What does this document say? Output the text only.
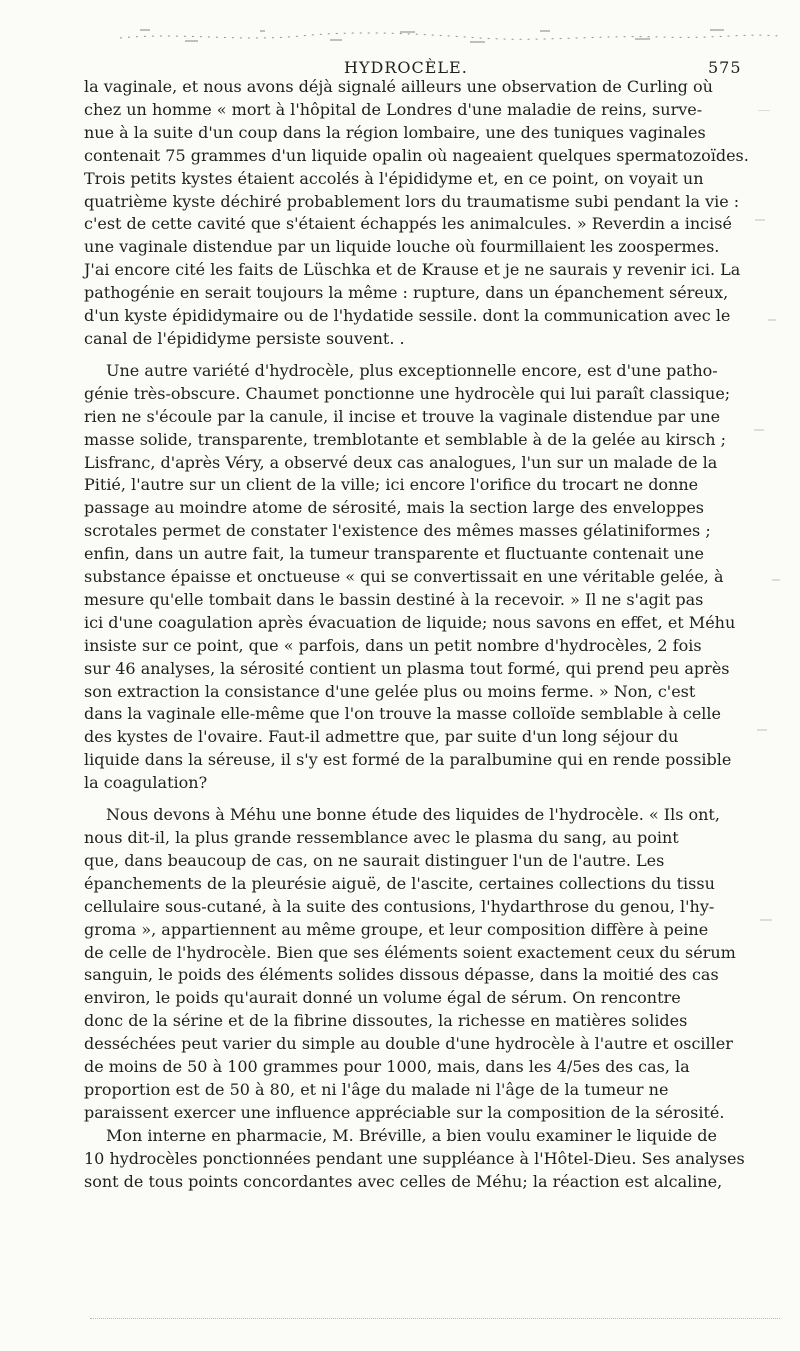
HYDROCÈLE.	575

la vaginale, et nous avons déjà signalé ailleurs une observation de Curling où
chez un homme « mort à l'hôpital de Londres d'une maladie de reins, surve-
nue à la suite d'un coup dans la région lombaire, une des tuniques vaginales
contenait 75 grammes d'un liquide opalin où nageaient quelques spermatozoïdes.
Trois petits kystes étaient accolés à l'épididyme et, en ce point, on voyait un
quatrième kyste déchiré probablement lors du traumatisme subi pendant la vie :
c'est de cette cavité que s'étaient échappés les animalcules. » Reverdin a incisé
une vaginale distendue par un liquide louche où fourmillaient les zoospermes.
J'ai encore cité les faits de Lüschka et de Krause et je ne saurais y revenir ici. La
pathogénie en serait toujours la même : rupture, dans un épanchement séreux,
d'un kyste épididymaire ou de l'hydatide sessile. dont la communication avec le
canal de l'épididyme persiste souvent. .

Une autre variété d'hydrocèle, plus exceptionnelle encore, est d'une patho-
génie très-obscure. Chaumet ponctionne une hydrocèle qui lui paraît classique;
rien ne s'écoule par la canule, il incise et trouve la vaginale distendue par une
masse solide, transparente, tremblotante et semblable à de la gelée au kirsch ;
Lisfranc, d'après Véry, a observé deux cas analogues, l'un sur un malade de la
Pitié, l'autre sur un client de la ville; ici encore l'orifice du trocart ne donne
passage au moindre atome de sérosité, mais la section large des enveloppes
scrotales permet de constater l'existence des mêmes masses gélatiniformes ;
enfin, dans un autre fait, la tumeur transparente et fluctuante contenait une
substance épaisse et onctueuse « qui se convertissait en une véritable gelée, à
mesure qu'elle tombait dans le bassin destiné à la recevoir. » Il ne s'agit pas
ici d'une coagulation après évacuation de liquide; nous savons en effet, et Méhu
insiste sur ce point, que « parfois, dans un petit nombre d'hydrocèles, 2 fois
sur 46 analyses, la sérosité contient un plasma tout formé, qui prend peu après
son extraction la consistance d'une gelée plus ou moins ferme. » Non, c'est
dans la vaginale elle-même que l'on trouve la masse colloïde semblable à celle
des kystes de l'ovaire. Faut-il admettre que, par suite d'un long séjour du
liquide dans la séreuse, il s'y est formé de la paralbumine qui en rende possible
la coagulation?

Nous devons à Méhu une bonne étude des liquides de l'hydrocèle. « Ils ont,
nous dit-il, la plus grande ressemblance avec le plasma du sang, au point
que, dans beaucoup de cas, on ne saurait distinguer l'un de l'autre. Les
épanchements de la pleurésie aiguë, de l'ascite, certaines collections du tissu
cellulaire sous-cutané, à la suite des contusions, l'hydarthrose du genou, l'hy-
groma », appartiennent au même groupe, et leur composition diffère à peine
de celle de l'hydrocèle. Bien que ses éléments soient exactement ceux du sérum
sanguin, le poids des éléments solides dissous dépasse, dans la moitié des cas
environ, le poids qu'aurait donné un volume égal de sérum. On rencontre
donc de la sérine et de la fibrine dissoutes, la richesse en matières solides
desséchées peut varier du simple au double d'une hydrocèle à l'autre et osciller
de moins de 50 à 100 grammes pour 1000, mais, dans les 4/5es des cas, la
proportion est de 50 à 80, et ni l'âge du malade ni l'âge de la tumeur ne
paraissent exercer une influence appréciable sur la composition de la sérosité.
Mon interne en pharmacie, M. Bréville, a bien voulu examiner le liquide de
10 hydrocèles ponctionnées pendant une suppléance à l'Hôtel-Dieu. Ses analyses
sont de tous points concordantes avec celles de Méhu; la réaction est alcaline,
